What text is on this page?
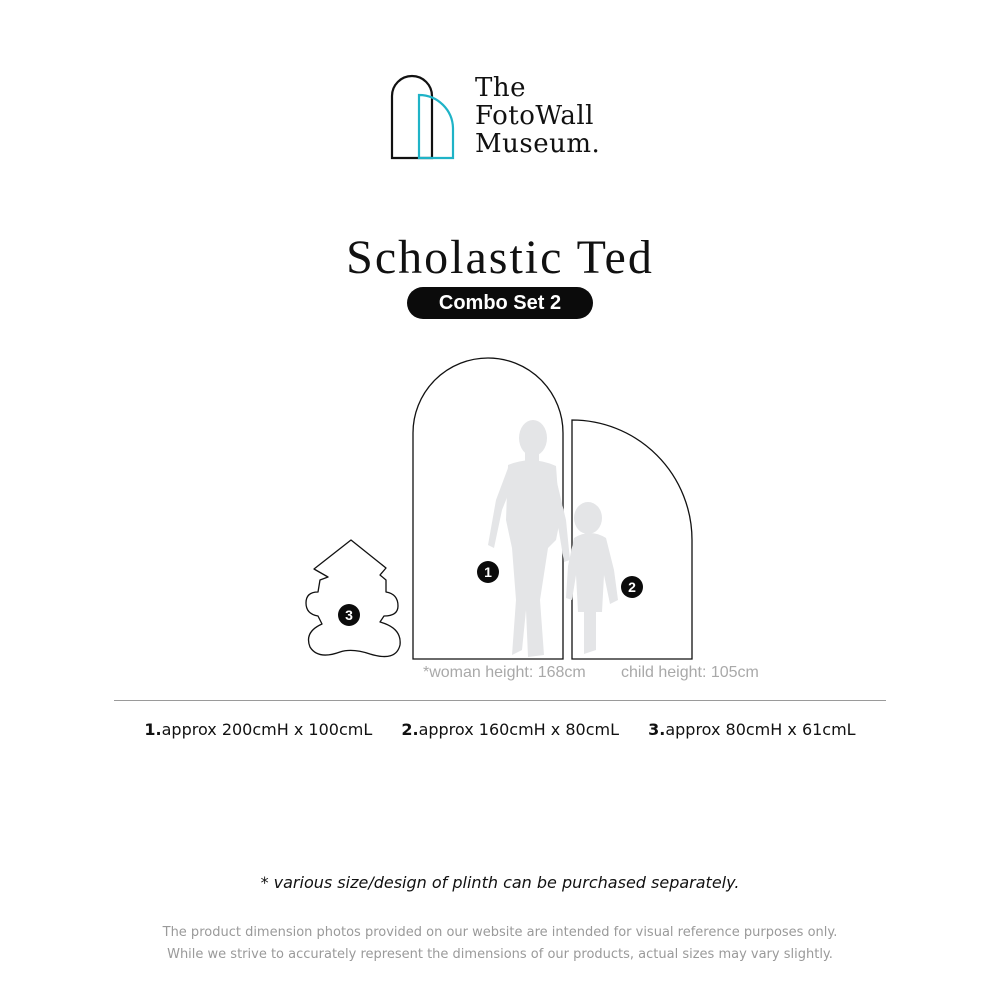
The
FotoWall
Museum.
Scholastic Ted
Combo Set 2
1
2
3
*woman height: 168cm child height: 105cm
1.approx 200cmH x 100cmL 2.approx 160cmH x 80cmL 3.approx 80cmH x 61cmL
* various size/design of plinth can be purchased separately.
The product dimension photos provided on our website are intended for visual reference purposes only.
While we strive to accurately represent the dimensions of our products, actual sizes may vary slightly.
